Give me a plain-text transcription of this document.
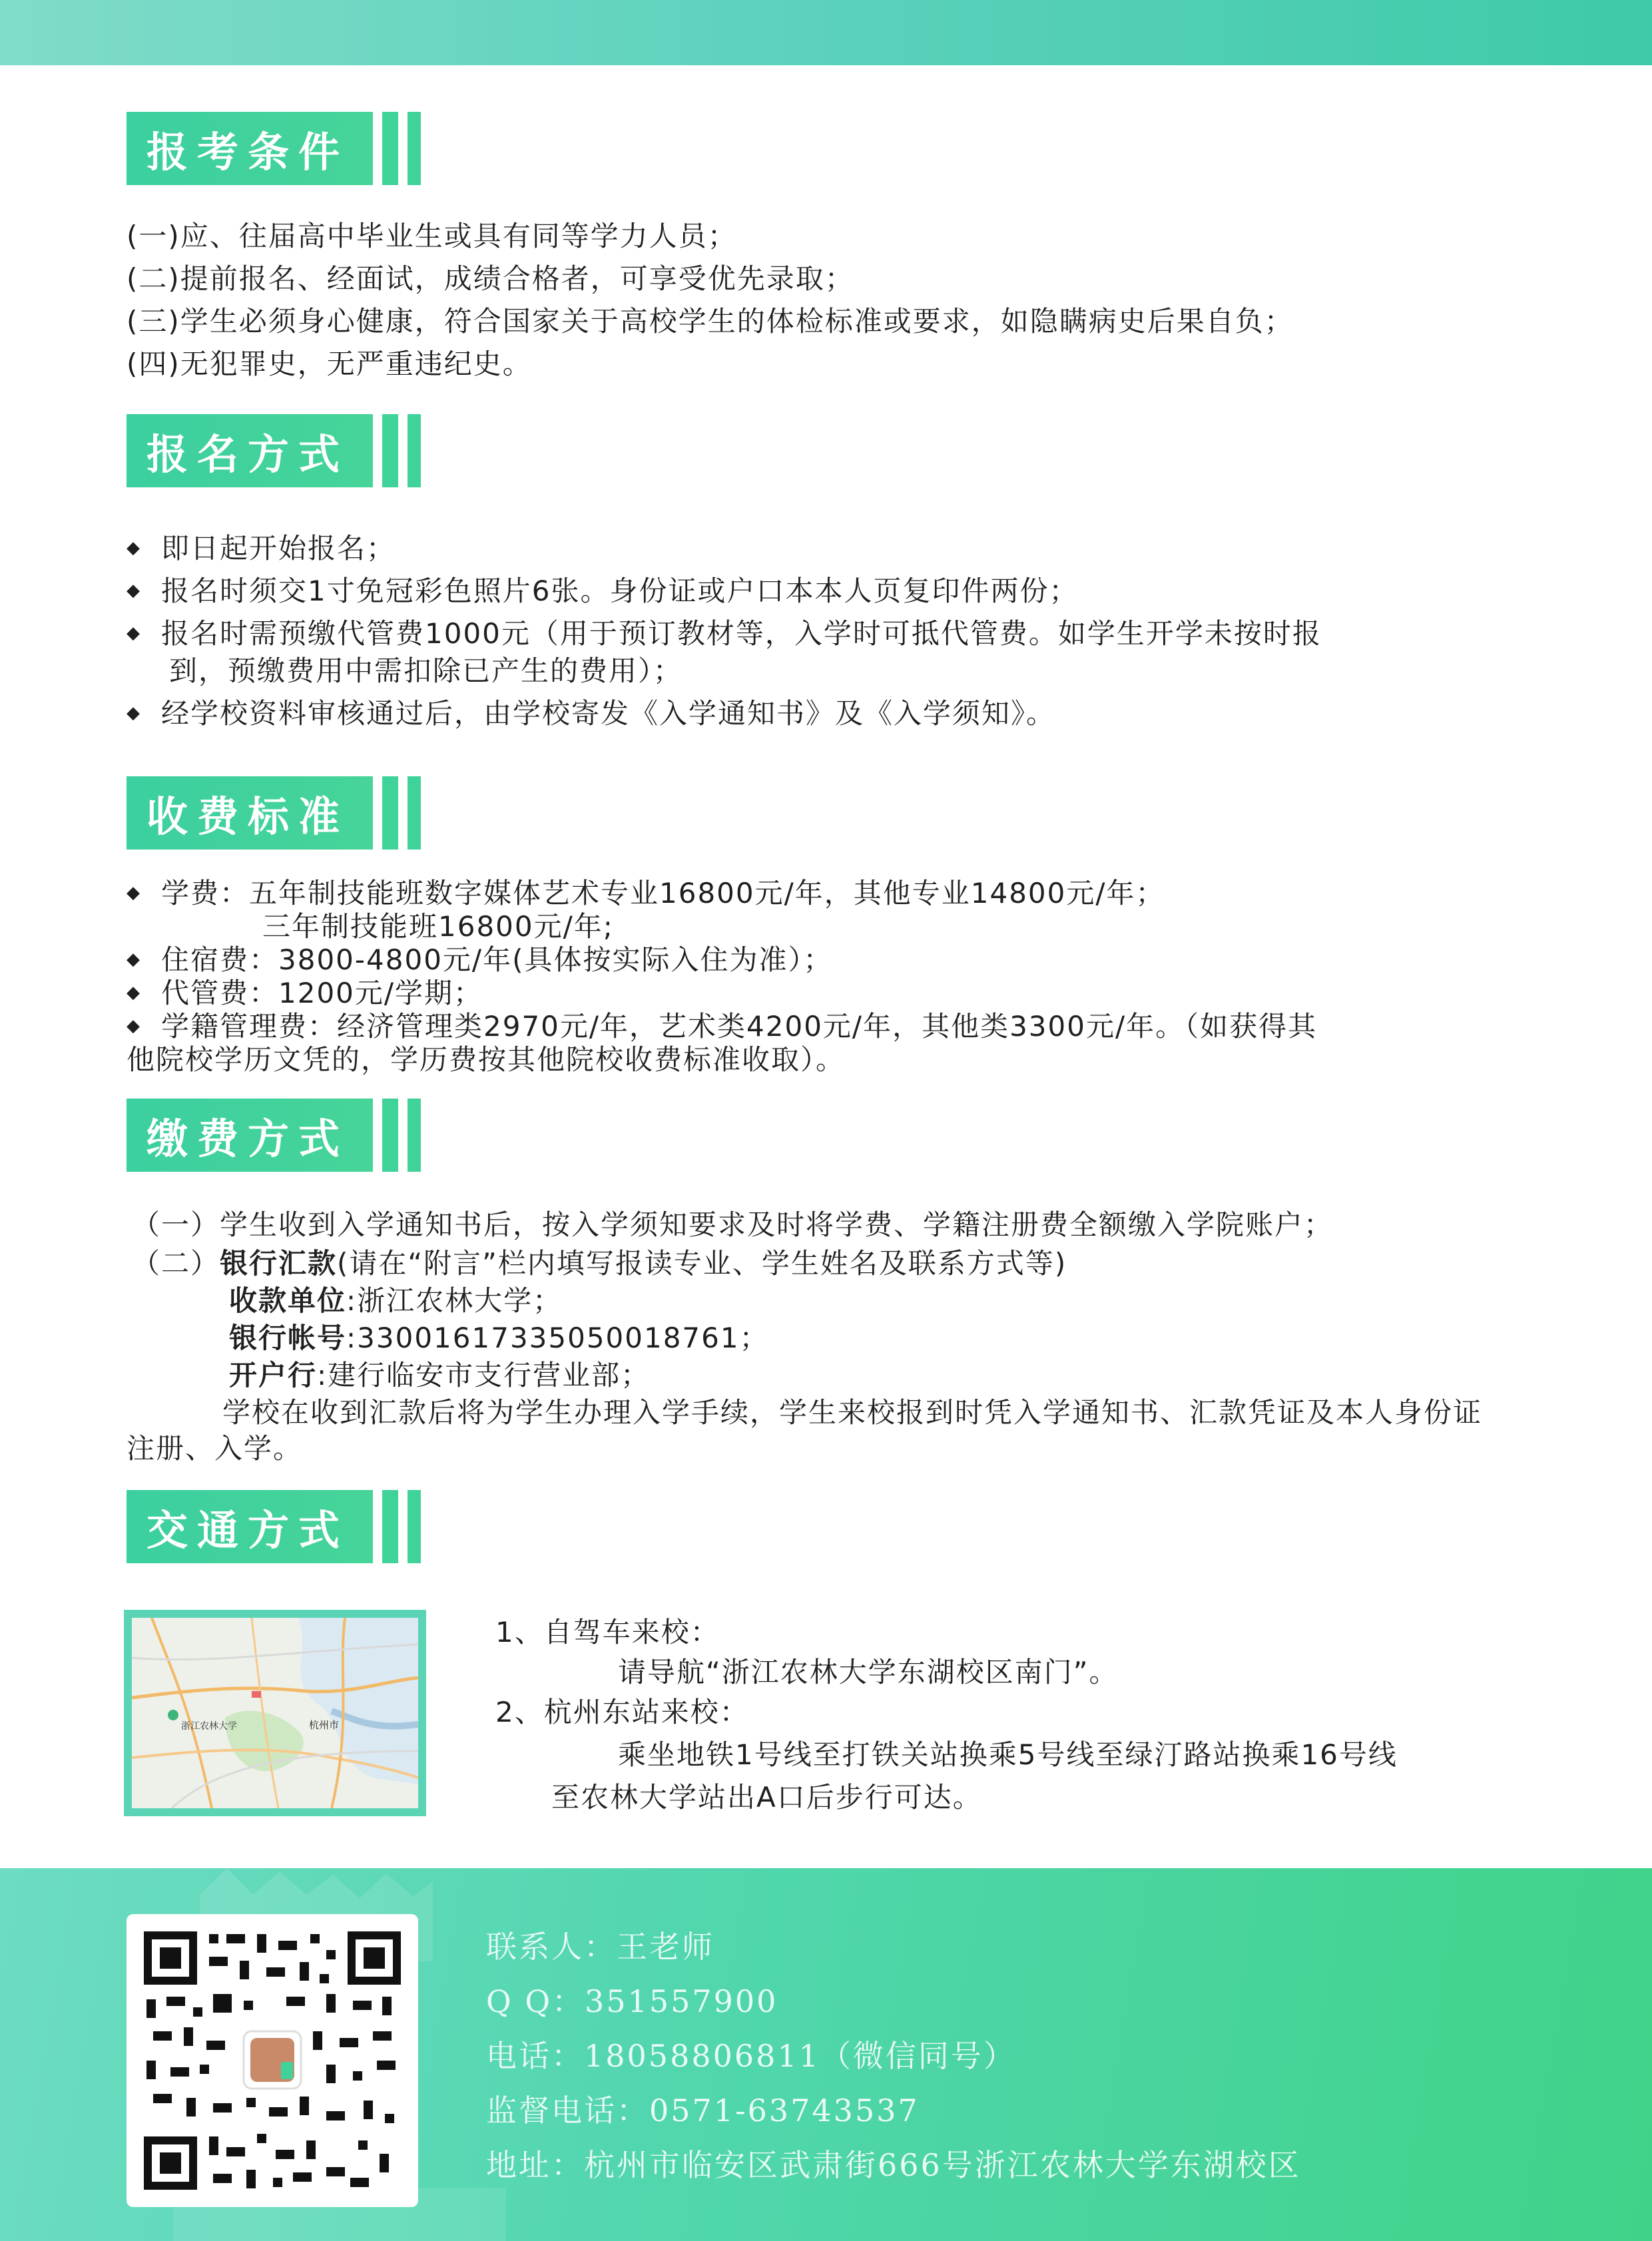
报考条件
(一)应、往届高中毕业生或具有同等学力人员；
(二)提前报名、经面试，成绩合格者，可享受优先录取；
(三)学生必须身心健康，符合国家关于高校学生的体检标准或要求，如隐瞒病史后果自负；
(四)无犯罪史，无严重违纪史。
报名方式
◆ 即日起开始报名；
◆ 报名时须交1寸免冠彩色照片6张。身份证或户口本本人页复印件两份；
◆ 报名时需预缴代管费1000元（用于预订教材等，入学时可抵代管费。如学生开学未按时报
到，预缴费用中需扣除已产生的费用）；
◆ 经学校资料审核通过后，由学校寄发《入学通知书》及《入学须知》。
收费标准
◆ 学费：五年制技能班数字媒体艺术专业16800元/年，其他专业14800元/年；
三年制技能班16800元/年;
◆ 住宿费：3800-4800元/年(具体按实际入住为准）；
◆ 代管费：1200元/学期；
◆ 学籍管理费：经济管理类2970元/年，艺术类4200元/年，其他类3300元/年。（如获得其
他院校学历文凭的，学历费按其他院校收费标准收取）。
缴费方式
（一）学生收到入学通知书后，按入学须知要求及时将学费、学籍注册费全额缴入学院账户；
（二）银行汇款(请在“附言”栏内填写报读专业、学生姓名及联系方式等)
收款单位:浙江农林大学；
银行帐号:33001617335050018761；
开户行:建行临安市支行营业部；
学校在收到汇款后将为学生办理入学手续，学生来校报到时凭入学通知书、汇款凭证及本人身份证
注册、入学。
交通方式
浙江农林大学	杭州市
1、自驾车来校：
请导航“浙江农林大学东湖校区南门”。
2、杭州东站来校：
乘坐地铁1号线至打铁关站换乘5号线至绿汀路站换乘16号线
至农林大学站出A口后步行可达。
联系人：王老师
Q Q：351557900
电话：18058806811（微信同号）
监督电话：0571-63743537
地址：杭州市临安区武肃街666号浙江农林大学东湖校区
